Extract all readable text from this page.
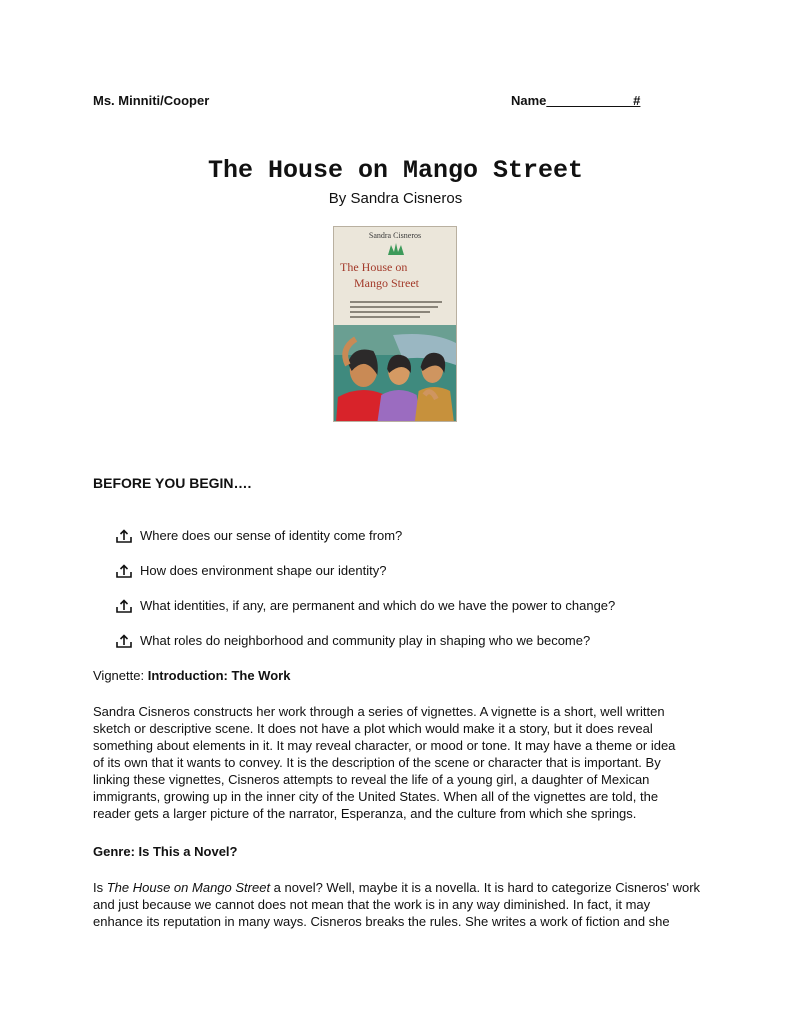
Ms. Minniti/Cooper	Name____________#
The House on Mango Street
By Sandra Cisneros
Sandra Cisneros
The House on
Mango Street
BEFORE YOU BEGIN….
Where does our sense of identity come from?
How does environment shape our identity?
What identities, if any, are permanent and which do we have the power to change?
What roles do neighborhood and community play in shaping who we become?
Vignette: Introduction: The Work
Sandra Cisneros constructs her work through a series of vignettes. A vignette is a short, well written
sketch or descriptive scene. It does not have a plot which would make it a story, but it does reveal
something about elements in it. It may reveal character, or mood or tone. It may have a theme or idea
of its own that it wants to convey. It is the description of the scene or character that is important. By
linking these vignettes, Cisneros attempts to reveal the life of a young girl, a daughter of Mexican
immigrants, growing up in the inner city of the United States. When all of the vignettes are told, the
reader gets a larger picture of the narrator, Esperanza, and the culture from which she springs.
Genre: Is This a Novel?
Is The House on Mango Street a novel? Well, maybe it is a novella. It is hard to categorize Cisneros' work
and just because we cannot does not mean that the work is in any way diminished. In fact, it may
enhance its reputation in many ways. Cisneros breaks the rules. She writes a work of fiction and she
